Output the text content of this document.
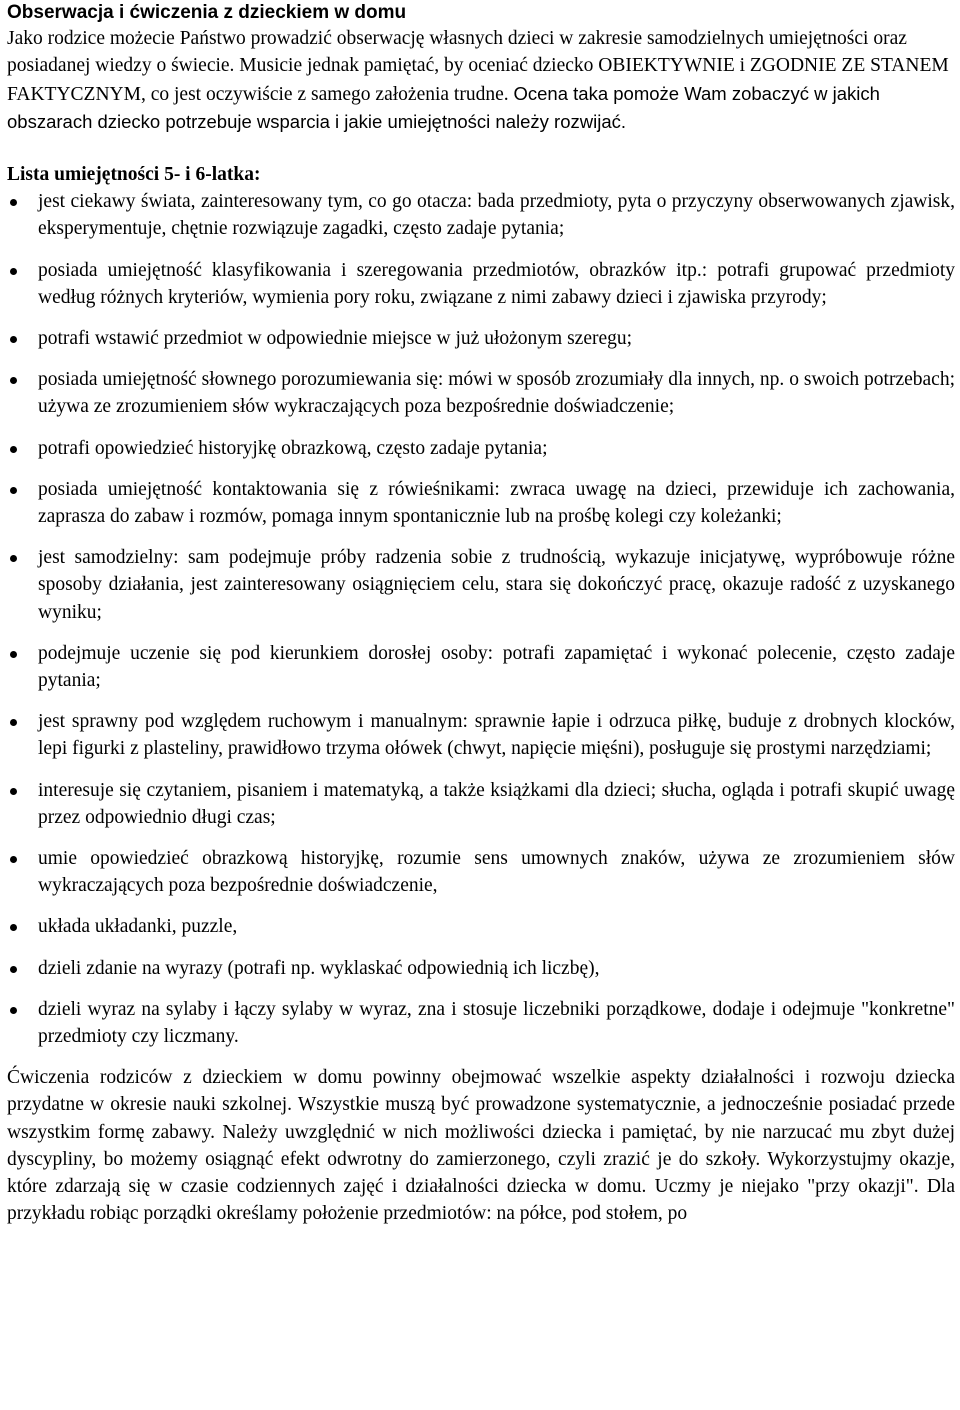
Obserwacja i ćwiczenia z dzieckiem w domu

Jako rodzice możecie Państwo prowadzić obserwację własnych dzieci w zakresie samodzielnych umiejętności oraz posiadanej wiedzy o świecie. Musicie jednak pamiętać, by oceniać dziecko OBIEKTYWNIE i ZGODNIE ZE STANEM FAKTYCZNYM, co jest oczywiście z samego założenia trudne. Ocena taka pomoże Wam zobaczyć w jakich obszarach dziecko potrzebuje wsparcia i jakie umiejętności należy rozwijać.

Lista umiejętności 5- i 6-latka:

jest ciekawy świata, zainteresowany tym, co go otacza: bada przedmioty, pyta o przyczyny obserwowanych zjawisk, eksperymentuje, chętnie rozwiązuje zagadki, często zadaje pytania;
posiada umiejętność klasyfikowania i szeregowania przedmiotów, obrazków itp.: potrafi grupować przedmioty według różnych kryteriów, wymienia pory roku, związane z nimi zabawy dzieci i zjawiska przyrody;
potrafi wstawić przedmiot w odpowiednie miejsce w już ułożonym szeregu;
posiada umiejętność słownego porozumiewania się: mówi w sposób zrozumiały dla innych, np. o swoich potrzebach; używa ze zrozumieniem słów wykraczających poza bezpośrednie doświadczenie;
potrafi opowiedzieć historyjkę obrazkową, często zadaje pytania;
posiada umiejętność kontaktowania się z rówieśnikami: zwraca uwagę na dzieci, przewiduje ich zachowania, zaprasza do zabaw i rozmów, pomaga innym spontanicznie lub na prośbę kolegi czy koleżanki;
jest samodzielny: sam podejmuje próby radzenia sobie z trudnością, wykazuje inicjatywę, wypróbowuje różne sposoby działania, jest zainteresowany osiągnięciem celu, stara się dokończyć pracę, okazuje radość z uzyskanego wyniku;
podejmuje uczenie się pod kierunkiem dorosłej osoby: potrafi zapamiętać i wykonać polecenie, często zadaje pytania;
jest sprawny pod względem ruchowym i manualnym: sprawnie łapie i odrzuca piłkę, buduje z drobnych klocków, lepi figurki z plasteliny, prawidłowo trzyma ołówek (chwyt, napięcie mięśni), posługuje się prostymi narzędziami;
interesuje się czytaniem, pisaniem i matematyką, a także książkami dla dzieci; słucha, ogląda i potrafi skupić uwagę przez odpowiednio długi czas;
umie opowiedzieć obrazkową historyjkę, rozumie sens umownych znaków, używa ze zrozumieniem słów wykraczających poza bezpośrednie doświadczenie,
układa układanki, puzzle,
dzieli zdanie na wyrazy (potrafi np. wyklaskać odpowiednią ich liczbę),
dzieli wyraz na sylaby i łączy sylaby w wyraz, zna i stosuje liczebniki porządkowe, dodaje i odejmuje "konkretne" przedmioty czy liczmany.

Ćwiczenia rodziców z dzieckiem w domu powinny obejmować wszelkie aspekty działalności i rozwoju dziecka przydatne w okresie nauki szkolnej. Wszystkie muszą być prowadzone systematycznie, a jednocześnie posiadać przede wszystkim formę zabawy. Należy uwzględnić w nich możliwości dziecka i pamiętać, by nie narzucać mu zbyt dużej dyscypliny, bo możemy osiągnąć efekt odwrotny do zamierzonego, czyli zrazić je do szkoły. Wykorzystujmy okazje, które zdarzają się w czasie codziennych zajęć i działalności dziecka w domu. Uczmy je niejako "przy okazji". Dla przykładu robiąc porządki określamy położenie przedmiotów: na półce, pod stołem, po
